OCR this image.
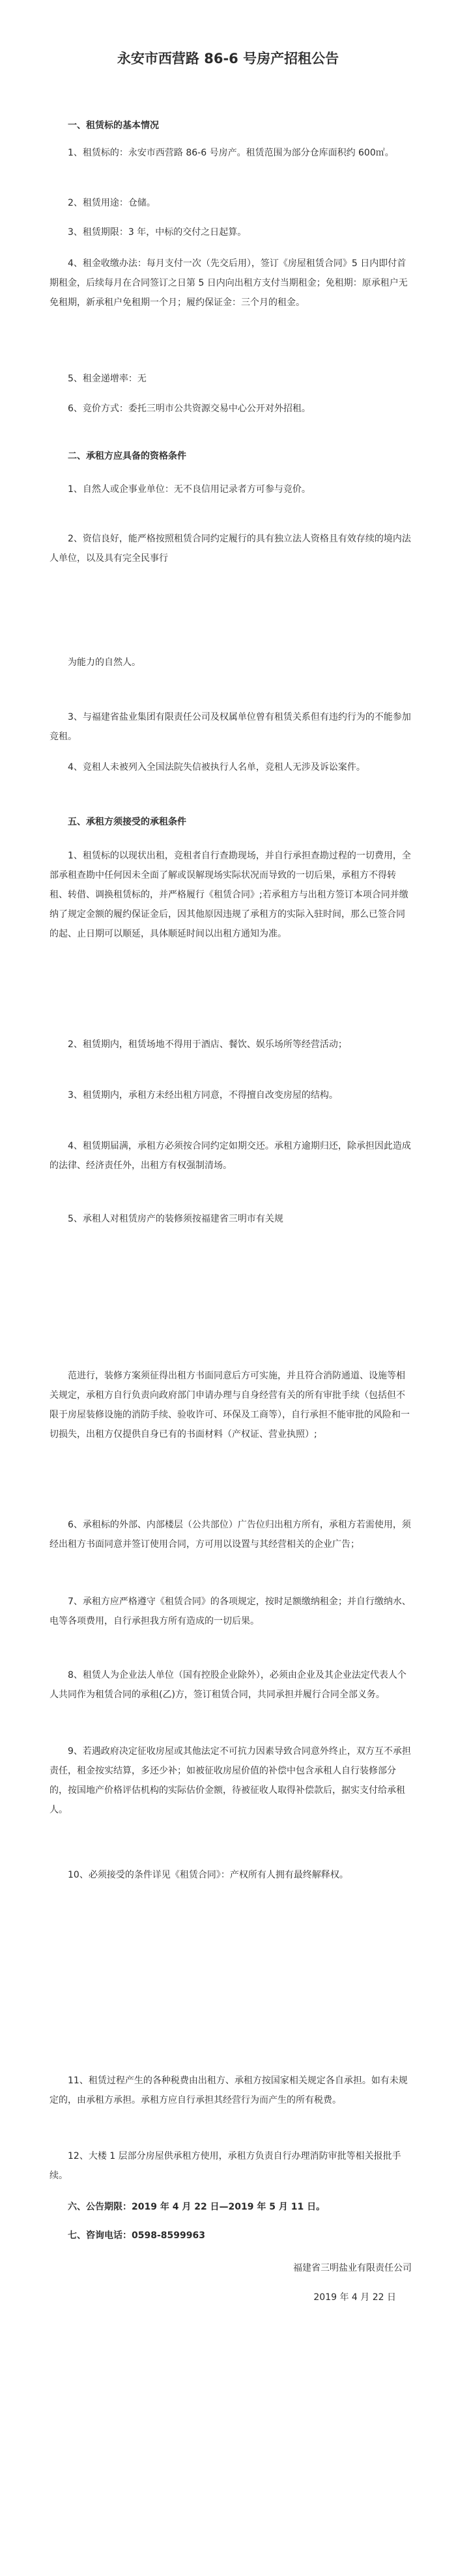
永安市西营路 86-6 号房产招租公告

一、租赁标的基本情况

1、租赁标的：永安市西营路 86-6 号房产。租赁范围为部分仓库面积约 600㎡。

2、租赁用途：仓储。

3、租赁期限：3 年，中标的交付之日起算。

4、租金收缴办法：每月支付一次（先交后用），签订《房屋租赁合同》5 日内即付首期租金，后续每月在合同签订之日第 5 日内向出租方支付当期租金；免租期：原承租户无免租期，新承租户免租期一个月；履约保证金：三个月的租金。

5、租金递增率：无

6、竞价方式：委托三明市公共资源交易中心公开对外招租。

二、承租方应具备的资格条件

1、自然人或企事业单位：无不良信用记录者方可参与竞价。

2、资信良好，能严格按照租赁合同约定履行的具有独立法人资格且有效存续的境内法人单位，以及具有完全民事行

为能力的自然人。

3、与福建省盐业集团有限责任公司及权属单位曾有租赁关系但有违约行为的不能参加竞租。

4、竞租人未被列入全国法院失信被执行人名单，竞租人无涉及诉讼案件。

五、承租方须接受的承租条件

1、租赁标的以现状出租，竞租者自行查勘现场，并自行承担查勘过程的一切费用，全部承租查勘中任何因未全面了解或误解现场实际状况而导致的一切后果，承租方不得转租、转借、调换租赁标的，并严格履行《租赁合同》;若承租方与出租方签订本项合同并缴纳了规定金额的履约保证金后，因其他原因违规了承租方的实际入驻时间，那么已签合同的起、止日期可以顺延，具体顺延时间以出租方通知为准。

2、租赁期内，租赁场地不得用于酒店、餐饮、娱乐场所等经营活动；

3、租赁期内，承租方未经出租方同意，不得擅自改变房屋的结构。

4、租赁期届满，承租方必须按合同约定如期交还。承租方逾期归还，除承担因此造成的法律、经济责任外，出租方有权强制清场。

5、承租人对租赁房产的装修须按福建省三明市有关规

范进行，装修方案须征得出租方书面同意后方可实施，并且符合消防通道、设施等相关规定，承租方自行负责向政府部门申请办理与自身经营有关的所有审批手续（包括但不限于房屋装修设施的消防手续、验收许可、环保及工商等），自行承担不能审批的风险和一切损失，出租方仅提供自身已有的书面材料（产权证、营业执照）;

6、承租标的外部、内部楼层（公共部位）广告位归出租方所有，承租方若需使用，须经出租方书面同意并签订使用合同，方可用以设置与其经营相关的企业广告；

7、承租方应严格遵守《租赁合同》的各项规定，按时足额缴纳租金；并自行缴纳水、电等各项费用，自行承担我方所有造成的一切后果。

8、租赁人为企业法人单位（国有控股企业除外），必须由企业及其企业法定代表人个人共同作为租赁合同的承租(乙)方，签订租赁合同，共同承担并履行合同全部义务。

9、若遇政府决定征收房屋或其他法定不可抗力因素导致合同意外终止，双方互不承担责任，租金按实结算，多还少补；如被征收房屋价值的补偿中包含承租人自行装修部分的，按国地产价格评估机构的实际估价金额，待被征收人取得补偿款后，据实支付给承租人。

10、必须接受的条件详见《租赁合同》：产权所有人拥有最终解释权。

11、租赁过程产生的各种税费由出租方、承租方按国家相关规定各自承担。如有未规定的，由承租方承担。承租方应自行承担其经营行为而产生的所有税费。

12、大楼 1 层部分房屋供承租方使用，承租方负责自行办理消防审批等相关报批手续。

六、公告期限：2019 年 4 月 22 日—2019 年 5 月 11 日。

七、咨询电话：0598-8599963

福建省三明盐业有限责任公司
2019 年 4 月 22 日
